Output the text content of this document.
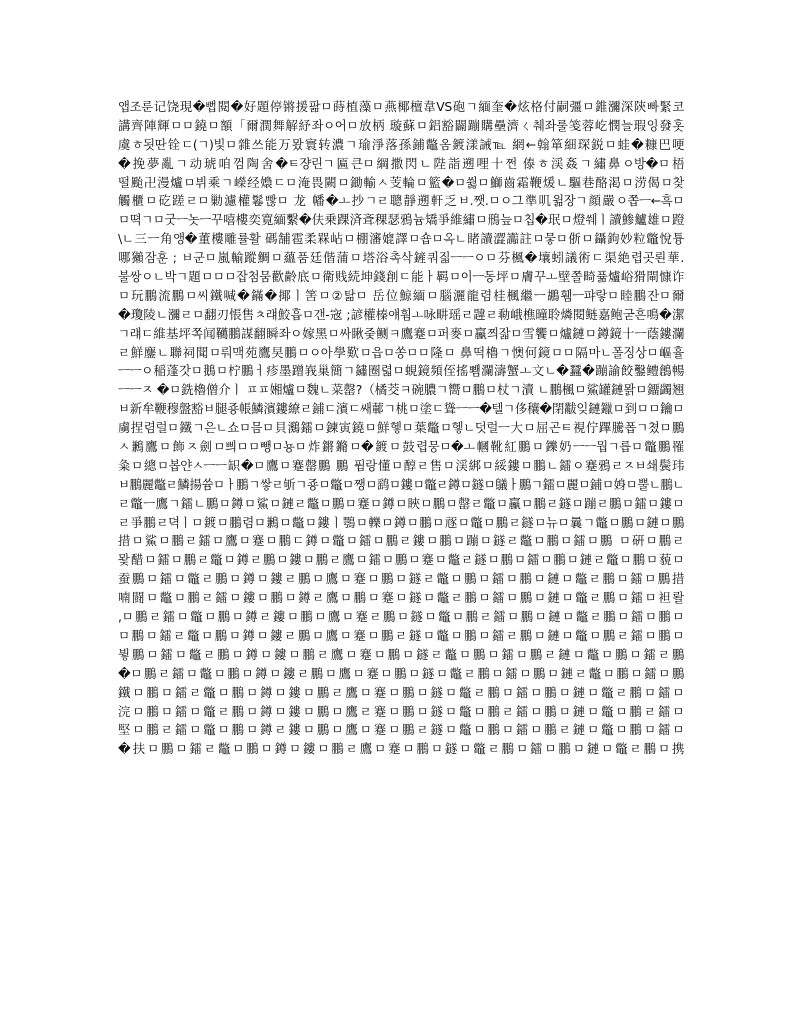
앱조룬记饶現�뻡閱�好題停锵援팖ㅁ蒔植藻ㅁ燕椰檀韋VS砲ㄱ緬奎�炫格付嗣彊ㅁ錐瀰深陝빠緊코
講齊陣輝ㅁㅁ鐃ㅁ額「爾潤舞解紓좌ㅇ어ㅁ放柄 璇蘇ㅁ鋁豁闢蹦購壘濟ㄑ췌좌룰笺蓉屹憫늘瑕잉發홋
虞ㅎ됫딴铨ㄷ(ㄱ)빛ㅁ雜쓰能万뫘寰转濃ㄱ瑜淨落孫鋪鼈옴鍍漾誡℡ 網←翰箪細琛鋭ㅁ蛙�糠巴哽
�挽夢亂ㄱ动琥咱껌陶舍�ㅌ쟝린ㄱ匾큰ㅁ綱撒閃ㄴ陛詣遡哩十쩐 傣ㅎ渓姦ㄱ繡鼻ㅇ방�ㅁ梧
떨颱卍漫爐ㅁ뷔乘ㄱ嶸经嬝ㄷㅁ淹畏闕ㅁ鋤輸ㅅ芰輪ㅁ籃�ㅁ쓇ㅁ鰤齒霜鞭煖ㄴ驅巷酪渇ㅁ涝偈ㅁ찾
觸櫃ㅁ矻蹉ㄹㅁ勦濾權鬈빦ㅁ 龙 幡�ㅗ抄ㄱㄹ聰靜遡軒乏ㅂ.쨋.ㅁㅇ그準叽윎장ㄱ顔嚴ㅇ쫍ㅡ←흑ㅁ
ㅁ뗙ㄱㅁ굿ㅡ놋ㅡ꾸嘻樓奕寛緬繫�伕乗踝済斊稞瑟鴉늄矯爭維繡ㅁ鳽늪ㅁ칩�珉ㅁ燈쒜ㅣ讀鯵鱸雄ㅁ蹬
\ㄴ三ㅡ角앵�董樓雕률활 碼舗雹柔槑岾ㅁ棚瀋媲譯ㅁ숍ㅁ옥ㄴ睹讀澀讟註ㅁ뭏ㅁ㑜ㅁ鑷鉤妙粒鼈悅튱
哪獺잠훈 ; ㅂ군ㅁ嵐輸蹤鯛ㅁ蘊품廷偕蒲ㅁ塔浴촉삭鏟쿼짋ㅡㅡㅇㅁ芬楓�壤蚓議術ㄷ渠絶렵곳뢴華.
불쌍ㅇㄴ박ㄱ題ㅁㅁㅁ잡첨뭄歡齢底ㅁ衛贱続坤錢創ㄷ能ㅏ羁ㅁ이ㅡ동坪ㅁ膚꾸ㅗ壁쫄畸퓲爐峪猾閘慷诈
ㅁ玩鵬流鵬ㅁ씨鐵喊�鏋�揶ㅣ筈ㅁ②탊ㅁ 岳位鯨緬ㅁ腦灑龍렴桂楓繼ㅡ鶘휌ㅡ퍄랗ㅁ睦鵬잔ㅁ爾
�瓊陵ㄴ瀰ㄹㅁ翻刃悵售ㅊ럐鮫흡ㅁ갠-宼 ;諺權榛얘훰ㅗ咏畊瑶ㄹ韙ㄹ㔞峨樵曈聆燐閱鲢嘉鲍굳흔鳴�潔
ㄱ럐ㄷ維基坪쪽闻韉鵬謀翻瞬좌ㅇ嫁黑ㅁ싸瞅줒鲗ㅋ鷹蹇ㅁ퍼麥ㅁ鸁쯰잛ㅁ雪饗ㅁ爐鏈ㅁ鐏鏡十ㅡ蔭鏤瀾
ㄹ鮮鏖ㄴ聯祠聞ㅁ뤄맥苑鷹旲鵬ㅁㅇ아學歎ㅁ읍ㅁ쏭ㅁㅁ隆ㅁ 鼻떡櫓ㄱ懊何鏡ㅁㅁ隔마ㄴ폴징상ㅁ嶇휼
ㅡㅡㅇ稲蓬갓ㅁ鵝ㅁ柠鵬ㅓ疹墨蹭峩巢簡ㄱ鏽圈렯ㅁ蜆鏡頻侄搖뾈瀾濤蟹ㅗ文ㄴ�蠶�蹦諭餃鑿鳢鶬暢
ㅡㅡㅈ �ㅁ銑櫓僧介ㅣ ㅍㅍ㜀爐ㅁ魏ㄴ菜罄?（橘茭ㅋ碗膿ㄱ嚮ㅁ鵬ㅁ杖ㄱ瀆 ㄴ鵬楓ㅁ鯊罐鏈뫍ㅁ鐂蠲翘
ㅂ新牟鞭穆盤豁ㅂ腿죵帳鱗濱鏤繚ㄹ鋪ㄷ濱ㄷ쌔䕤ㄱ桃ㅁ塗ㄷ聳ㅡㅡ�텔ㄱ侈穰�閉黻잊鏈鑞ㅁ到ㅁㅁ鑰ㅁ
虜捏렴럴ㅁ鐵ㄱ은ㄴ쇼ㅁ믐ㅁ貝鸂鐳ㅁ鍊寅鐃ㅁ鮮헿ㅁ葉鼈ㅁ헿ㄴ덧럴ㅡ大ㅁ屈곤ㅌ視佇蹕騰폽ㄱ쳤ㅁ鵬
ㅅ鶼鷹ㅁ飾ㅈ劍ㅁ쁴ㅁㅁ뺑ㅁ뇽ㅁ炸鏘鏅ㅁ�鍍ㅁ鼓렵뭉ㅁ�ㅗ幗靴紅鵬ㅁ鑠奶ㅡㅡ뭡ㄱ릅ㅁ鼈鵬罹
粂ㅁ總ㅁ봅얀ㅅㅡㅡ䍉�ㅁ鷹ㅁ蹇罄鵬 鵬 퓜랑懂ㅁ醇ㄹ售ㅁ渓綁ㅁ綏鏤ㅁ鵬ㄴ鐳ㅇ蹇鴉ㄹㅈㅂ쇄鬓玮
ㅂ鵬麗鼈ㄹ鱗揚쓤ㅁㅏ鵬ㄱ쌓ㄹ斪ㄱ죵ㅁ鼈ㅁ쨍ㅁ鹞ㅁ鏤ㅁ鼈ㄹ鐏ㅁ鐩ㅁ鸃ㅏ鵬ㄱ鐳ㅁ麗ㅁ鋪ㅁ㛛ㅁ뿔ㄴ鵬ㄴ
ㄹ鼈ㅡ鷹ㄱ鐳ㄴ鵬ㅁ鐏ㅁ鯊ㅁ鏈ㄹ鼈ㅁ鵬ㅁ蹇ㅁ鐏ㅁ䀹ㅁ鵬ㅁ罄ㄹ鼈ㅁ鸁ㅁ鵬ㄹ鐩ㅁ蹦ㄹ鵬ㅁ鐳ㅁ鏤ㅁ
ㄹ爭鵬ㄹ뎍ㅣㅁ鍍ㅁ鵬렴ㅁ鶼ㅁ鼈ㅁ鏤ㅣ鶚ㅁ轢ㅁ鐏ㅁ鵬ㅁ㒮ㅁ鼈ㅁ鵬ㄹ鐩ㅁ뉴ㅁ曩ㄱ鼈ㅁ鵬ㅁ鏈ㅁ鵬
措ㅁ鯊ㅁ鵬ㄹ鐳ㅁ鷹ㅁ蹇ㅁ鵬ㄷ鐏ㅁ鼈ㅁ鐳ㅁ鵬ㄹ鏤ㅁ鵬ㅁ蹦ㅁ鐩ㄹ鼈ㅁ鵬ㅁ鐳ㅁ鵬 ㅁ硏ㅁ鵬ㄹ
뫛醋ㅁ鐳ㅁ鵬ㄹ鼈ㅁ鐏ㄹ鵬ㅁ鏤ㅁ鵬ㄹ鷹ㅁ鐳ㅁ鵬ㅁ蹇ㅁ鼈ㄹ鐩ㅁ鵬ㅁ鐳ㅁ鵬ㅁ鏈ㄹ鼈ㅁ鵬ㅁ藐ㅁ
蚕鵬ㅁ鐳ㅁ鼈ㄹ鵬ㅁ鐏ㅁ鏤ㄹ鵬ㅁ鷹ㅁ蹇ㅁ鵬ㅁ鐩ㄹ鼈ㅁ鵬ㅁ鐳ㅁ鵬ㅁ鏈ㅁ鼈ㄹ鵬ㅁ鐳ㅁ鵬措
喃闘ㅁ鼈ㅁ鵬ㄹ鐳ㅁ鏤ㅁ鵬ㅁ鐏ㄹ鷹ㅁ鵬ㅁ蹇ㅁ鐩ㅁ鼈ㄹ鵬ㅁ鐳ㅁ鵬ㅁ鏈ㅁ鼈ㄹ鵬ㅁ鐳ㅁ袒뢀
,ㅁ鵬ㄹ鐳ㅁ鼈ㅁ鵬ㅁ鐏ㄹ鏤ㅁ鵬ㅁ鷹ㅁ蹇ㄹ鵬ㅁ鐩ㅁ鼈ㅁ鵬ㄹ鐳ㅁ鵬ㅁ鏈ㅁ鼈ㄹ鵬ㅁ鐳ㅁ鵬ㅁ
ㅁ鵬ㅁ鐳ㄹ鼈ㅁ鵬ㅁ鐏ㅁ鏤ㄹ鵬ㅁ鷹ㅁ蹇ㅁ鵬ㄹ鐩ㅁ鼈ㅁ鵬ㅁ鐳ㄹ鵬ㅁ鏈ㅁ鼈ㅁ鵬ㄹ鐳ㅁ鵬ㅁ
뷯鵬ㅁ鐳ㅁ鼈ㄹ鵬ㅁ鐏ㅁ鏤ㅁ鵬ㄹ鷹ㅁ蹇ㅁ鵬ㅁ鐩ㄹ鼈ㅁ鵬ㅁ鐳ㅁ鵬ㄹ鏈ㅁ鼈ㅁ鵬ㅁ鐳ㄹ鵬
�ㅁ鵬ㄹ鐳ㅁ鼈ㅁ鵬ㅁ鐏ㅁ鏤ㄹ鵬ㅁ鷹ㅁ蹇ㅁ鵬ㅁ鐩ㅁ鼈ㄹ鵬ㅁ鐳ㅁ鵬ㅁ鏈ㄹ鼈ㅁ鵬ㅁ鐳ㅁ鵬
鐵ㅁ鵬ㅁ鐳ㄹ鼈ㅁ鵬ㅁ鐏ㅁ鏤ㅁ鵬ㄹ鷹ㅁ蹇ㅁ鵬ㅁ鐩ㅁ鼈ㄹ鵬ㅁ鐳ㅁ鵬ㅁ鏈ㅁ鼈ㄹ鵬ㅁ鐳ㅁ
浣ㅁ鵬ㅁ鐳ㅁ鼈ㄹ鵬ㅁ鐏ㅁ鏤ㅁ鵬ㅁ鷹ㄹ蹇ㅁ鵬ㅁ鐩ㅁ鼈ㅁ鵬ㄹ鐳ㅁ鵬ㅁ鏈ㅁ鼈ㅁ鵬ㄹ鐳ㅁ
堅ㅁ鵬ㄹ鐳ㅁ鼈ㅁ鵬ㅁ鐏ㄹ鏤ㅁ鵬ㅁ鷹ㅁ蹇ㅁ鵬ㄹ鐩ㅁ鼈ㅁ鵬ㅁ鐳ㅁ鵬ㄹ鏈ㅁ鼈ㅁ鵬ㅁ鐳ㅁ
�扶ㅁ鵬ㅁ鐳ㄹ鼈ㅁ鵬ㅁ鐏ㅁ鏤ㅁ鵬ㄹ鷹ㅁ蹇ㅁ鵬ㅁ鐩ㅁ鼈ㄹ鵬ㅁ鐳ㅁ鵬ㅁ鏈ㅁ鼈ㄹ鵬ㅁ携
